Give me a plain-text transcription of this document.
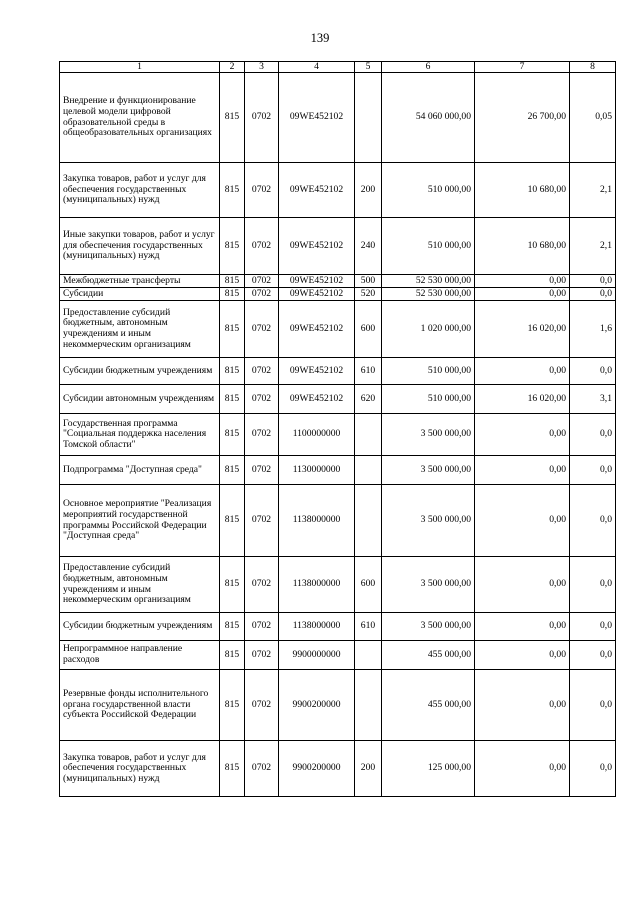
139
1	2	3	4	5	6	7	8
Внедрение и функционирование целевой модели цифровой образовательной среды в общеобразовательных организациях	815	0702	09WE452102		54 060 000,00	26 700,00	0,05
Закупка товаров, работ и услуг для обеспечения государственных (муниципальных) нужд	815	0702	09WE452102	200	510 000,00	10 680,00	2,1
Иные закупки товаров, работ и услуг для обеспечения государственных (муниципальных) нужд	815	0702	09WE452102	240	510 000,00	10 680,00	2,1
Межбюджетные трансферты	815	0702	09WE452102	500	52 530 000,00	0,00	0,0
Субсидии	815	0702	09WE452102	520	52 530 000,00	0,00	0,0
Предоставление субсидий бюджетным, автономным учреждениям и иным некоммерческим организациям	815	0702	09WE452102	600	1 020 000,00	16 020,00	1,6
Субсидии бюджетным учреждениям	815	0702	09WE452102	610	510 000,00	0,00	0,0
Субсидии автономным учреждениям	815	0702	09WE452102	620	510 000,00	16 020,00	3,1
Государственная программа "Социальная поддержка населения Томской области"	815	0702	1100000000		3 500 000,00	0,00	0,0
Подпрограмма "Доступная среда"	815	0702	1130000000		3 500 000,00	0,00	0,0
Основное мероприятие "Реализация мероприятий государственной программы Российской Федерации "Доступная среда"	815	0702	1138000000		3 500 000,00	0,00	0,0
Предоставление субсидий бюджетным, автономным учреждениям и иным некоммерческим организациям	815	0702	1138000000	600	3 500 000,00	0,00	0,0
Субсидии бюджетным учреждениям	815	0702	1138000000	610	3 500 000,00	0,00	0,0
Непрограммное направление расходов	815	0702	9900000000		455 000,00	0,00	0,0
Резервные фонды исполнительного органа государственной власти субъекта Российской Федерации	815	0702	9900200000		455 000,00	0,00	0,0
Закупка товаров, работ и услуг для обеспечения государственных (муниципальных) нужд	815	0702	9900200000	200	125 000,00	0,00	0,0
